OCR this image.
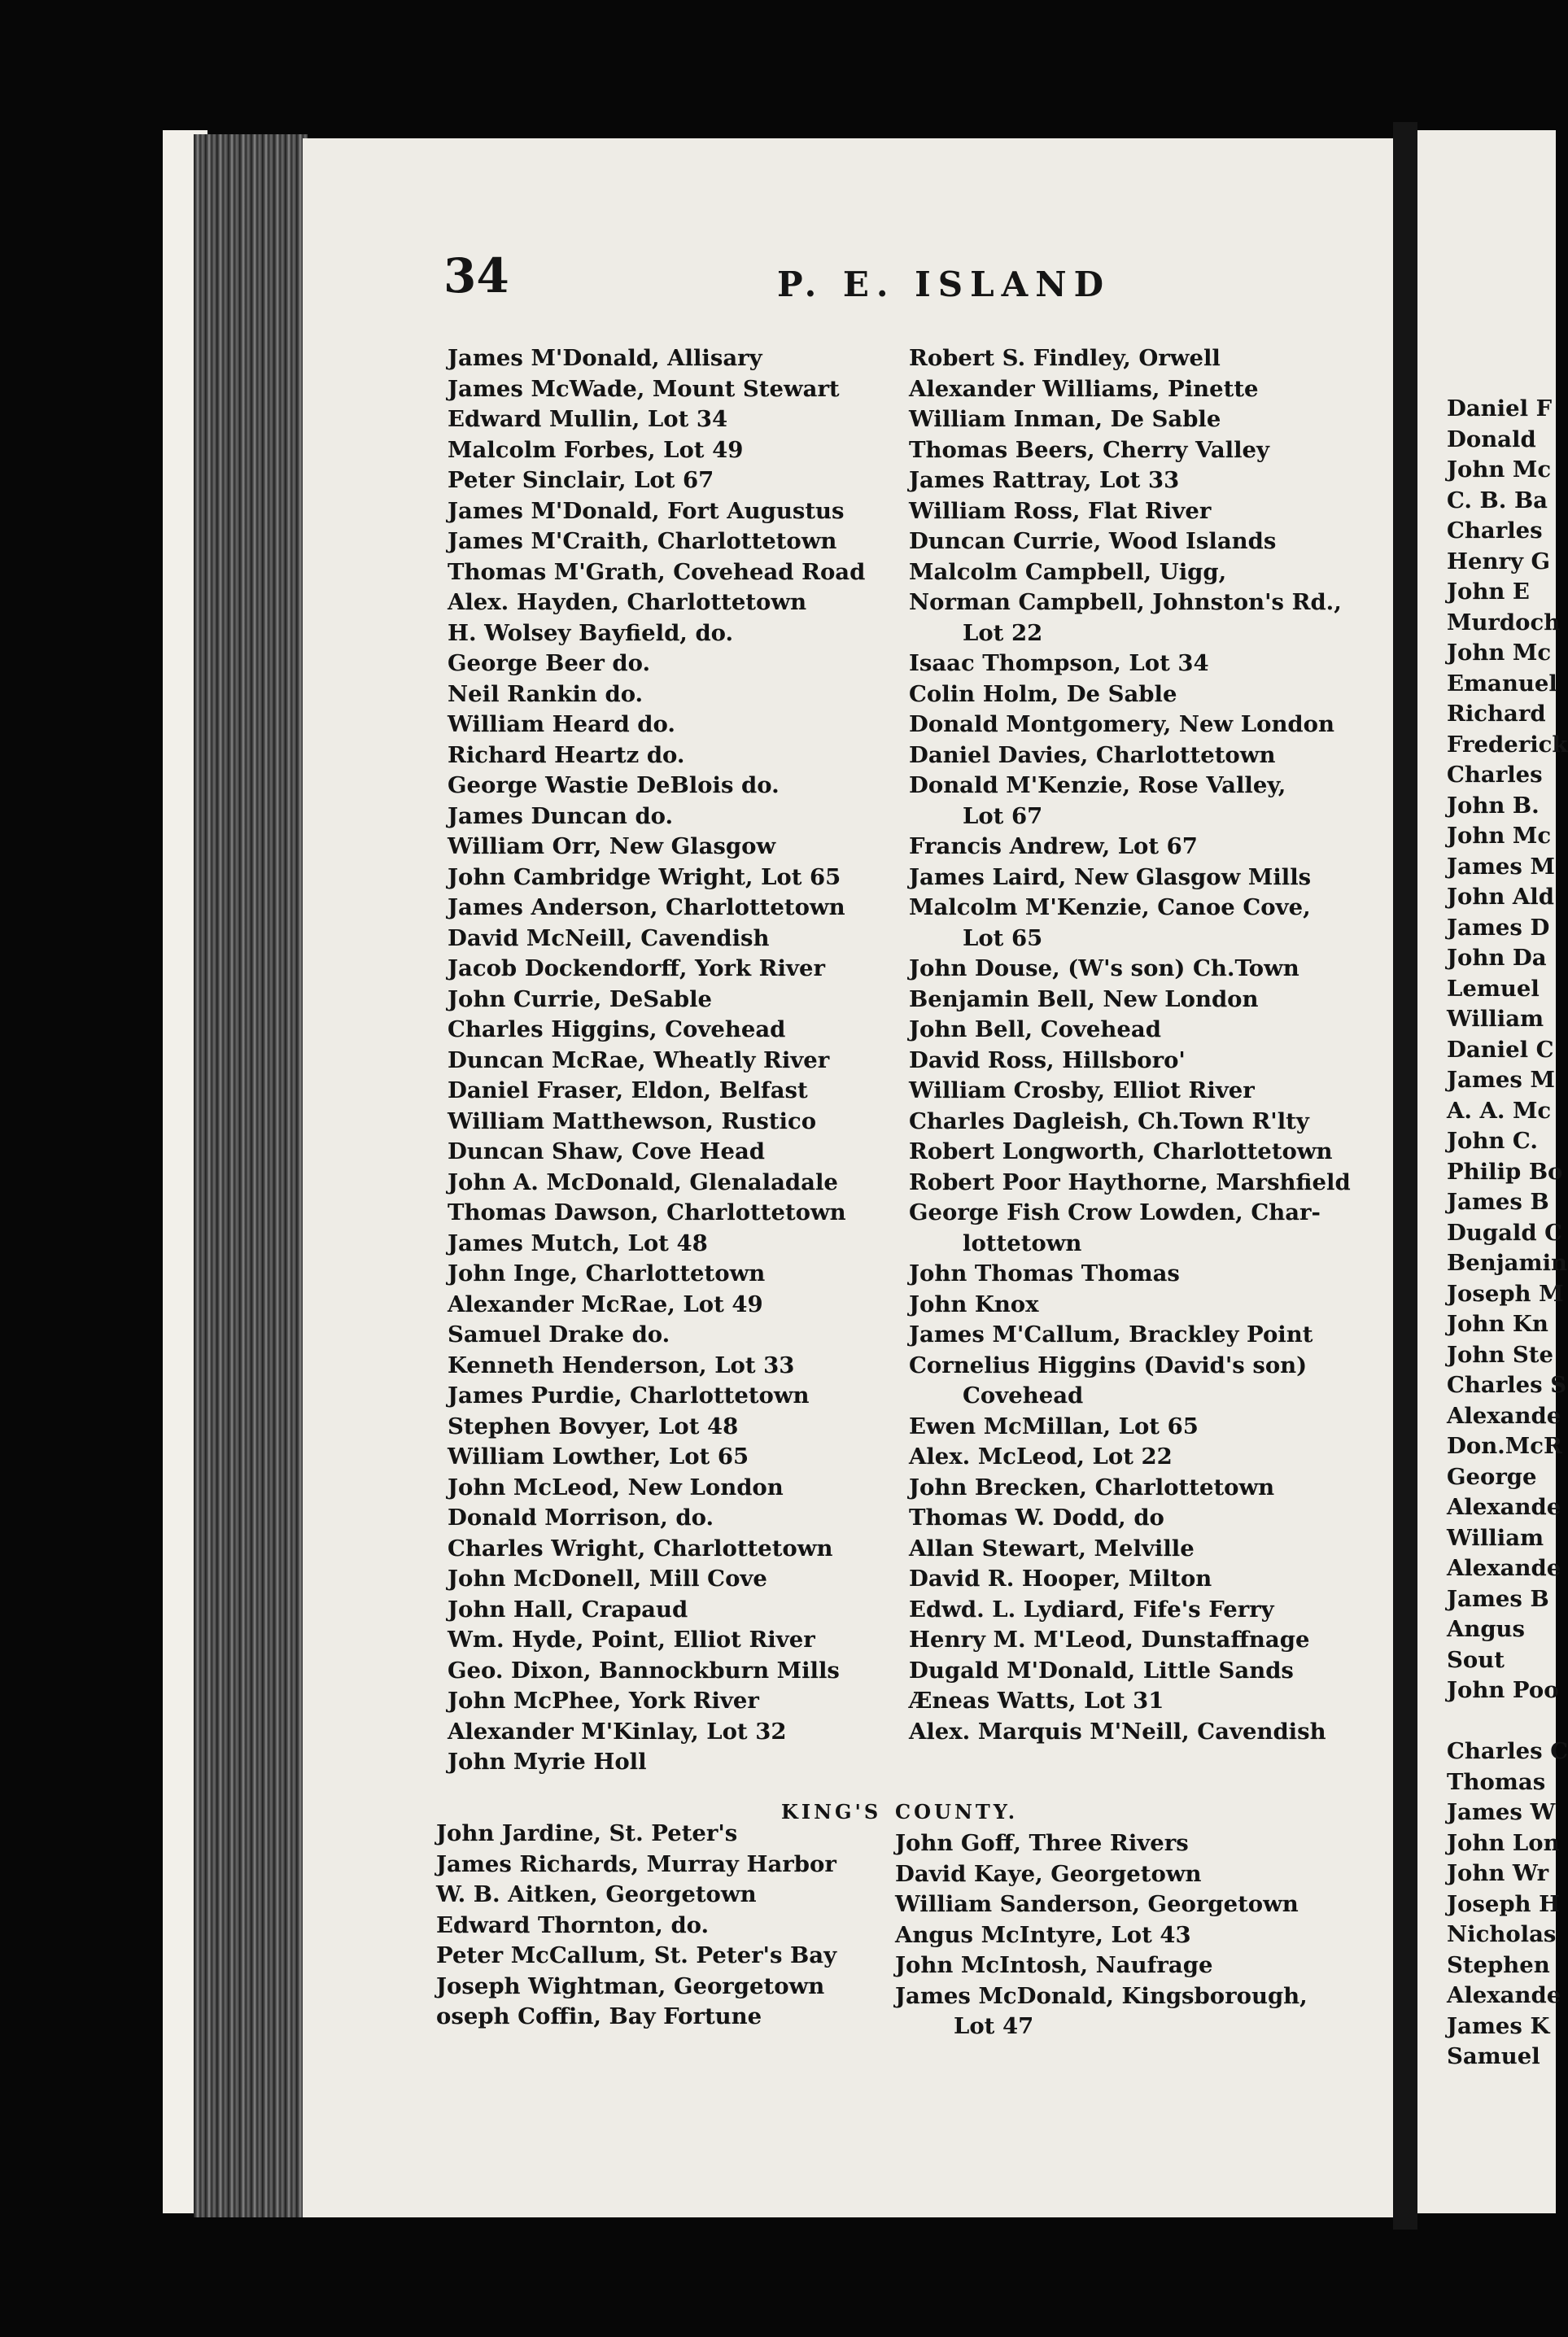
34	P. E. ISLAND
James M'Donald, Allisary
James McWade, Mount Stewart
Edward Mullin, Lot 34
Malcolm Forbes, Lot 49
Peter Sinclair, Lot 67
James M'Donald, Fort Augustus
James M'Craith, Charlottetown
Thomas M'Grath, Covehead Road
Alex. Hayden, Charlottetown
H. Wolsey Bayfield, do.
George Beer do.
Neil Rankin do.
William Heard do.
Richard Heartz do.
George Wastie DeBlois do.
James Duncan do.
William Orr, New Glasgow
John Cambridge Wright, Lot 65
James Anderson, Charlottetown
David McNeill, Cavendish
Jacob Dockendorff, York River
John Currie, DeSable
Charles Higgins, Covehead
Duncan McRae, Wheatly River
Daniel Fraser, Eldon, Belfast
William Matthewson, Rustico
Duncan Shaw, Cove Head
John A. McDonald, Glenaladale
Thomas Dawson, Charlottetown
James Mutch, Lot 48
John Inge, Charlottetown
Alexander McRae, Lot 49
Samuel Drake do.
Kenneth Henderson, Lot 33
James Purdie, Charlottetown
Stephen Bovyer, Lot 48
William Lowther, Lot 65
John McLeod, New London
Donald Morrison, do.
Charles Wright, Charlottetown
John McDonell, Mill Cove
John Hall, Crapaud
Wm. Hyde, Point, Elliot River
Geo. Dixon, Bannockburn Mills
John McPhee, York River
Alexander M'Kinlay, Lot 32
John Myrie Holl
Robert S. Findley, Orwell
Alexander Williams, Pinette
William Inman, De Sable
Thomas Beers, Cherry Valley
James Rattray, Lot 33
William Ross, Flat River
Duncan Currie, Wood Islands
Malcolm Campbell, Uigg,
Norman Campbell, Johnston's Rd.,
Lot 22
Isaac Thompson, Lot 34
Colin Holm, De Sable
Donald Montgomery, New London
Daniel Davies, Charlottetown
Donald M'Kenzie, Rose Valley,
Lot 67
Francis Andrew, Lot 67
James Laird, New Glasgow Mills
Malcolm M'Kenzie, Canoe Cove,
Lot 65
John Douse, (W's son) Ch.Town
Benjamin Bell, New London
John Bell, Covehead
David Ross, Hillsboro'
William Crosby, Elliot River
Charles Dagleish, Ch.Town R'lty
Robert Longworth, Charlottetown
Robert Poor Haythorne, Marshfield
George Fish Crow Lowden, Char-
lottetown
John Thomas Thomas
John Knox
James M'Callum, Brackley Point
Cornelius Higgins (David's son)
Covehead
Ewen McMillan, Lot 65
Alex. McLeod, Lot 22
John Brecken, Charlottetown
Thomas W. Dodd, do
Allan Stewart, Melville
David R. Hooper, Milton
Edwd. L. Lydiard, Fife's Ferry
Henry M. M'Leod, Dunstaffnage
Dugald M'Donald, Little Sands
Æneas Watts, Lot 31
Alex. Marquis M'Neill, Cavendish
Daniel F
Donald
John Mc
C. B. Ba
Charles
Henry G
John E
Murdoch
John Mc
Emanuel
Richard
Frederick
Charles
John B.
John Mc
James M
John Ald
James D
John Da
Lemuel
William
Daniel C
James M
A. A. Mc
John C.
Philip Bo
James B
Dugald C
Benjamin
Joseph M
John Kn
John Ste
Charles S
Alexande
Don.McR
George
Alexande
William
Alexande
James B
Angus
Sout
John Poo
Charles C
Thomas
James W
John Lon
John Wr
Joseph H
Nicholas
Stephen
Alexande
James K
Samuel
KING'S COUNTY.
John Jardine, St. Peter's
James Richards, Murray Harbor
W. B. Aitken, Georgetown
Edward Thornton, do.
Peter McCallum, St. Peter's Bay
Joseph Wightman, Georgetown
oseph Coffin, Bay Fortune
John Goff, Three Rivers
David Kaye, Georgetown
William Sanderson, Georgetown
Angus McIntyre, Lot 43
John McIntosh, Naufrage
James McDonald, Kingsborough,
Lot 47
